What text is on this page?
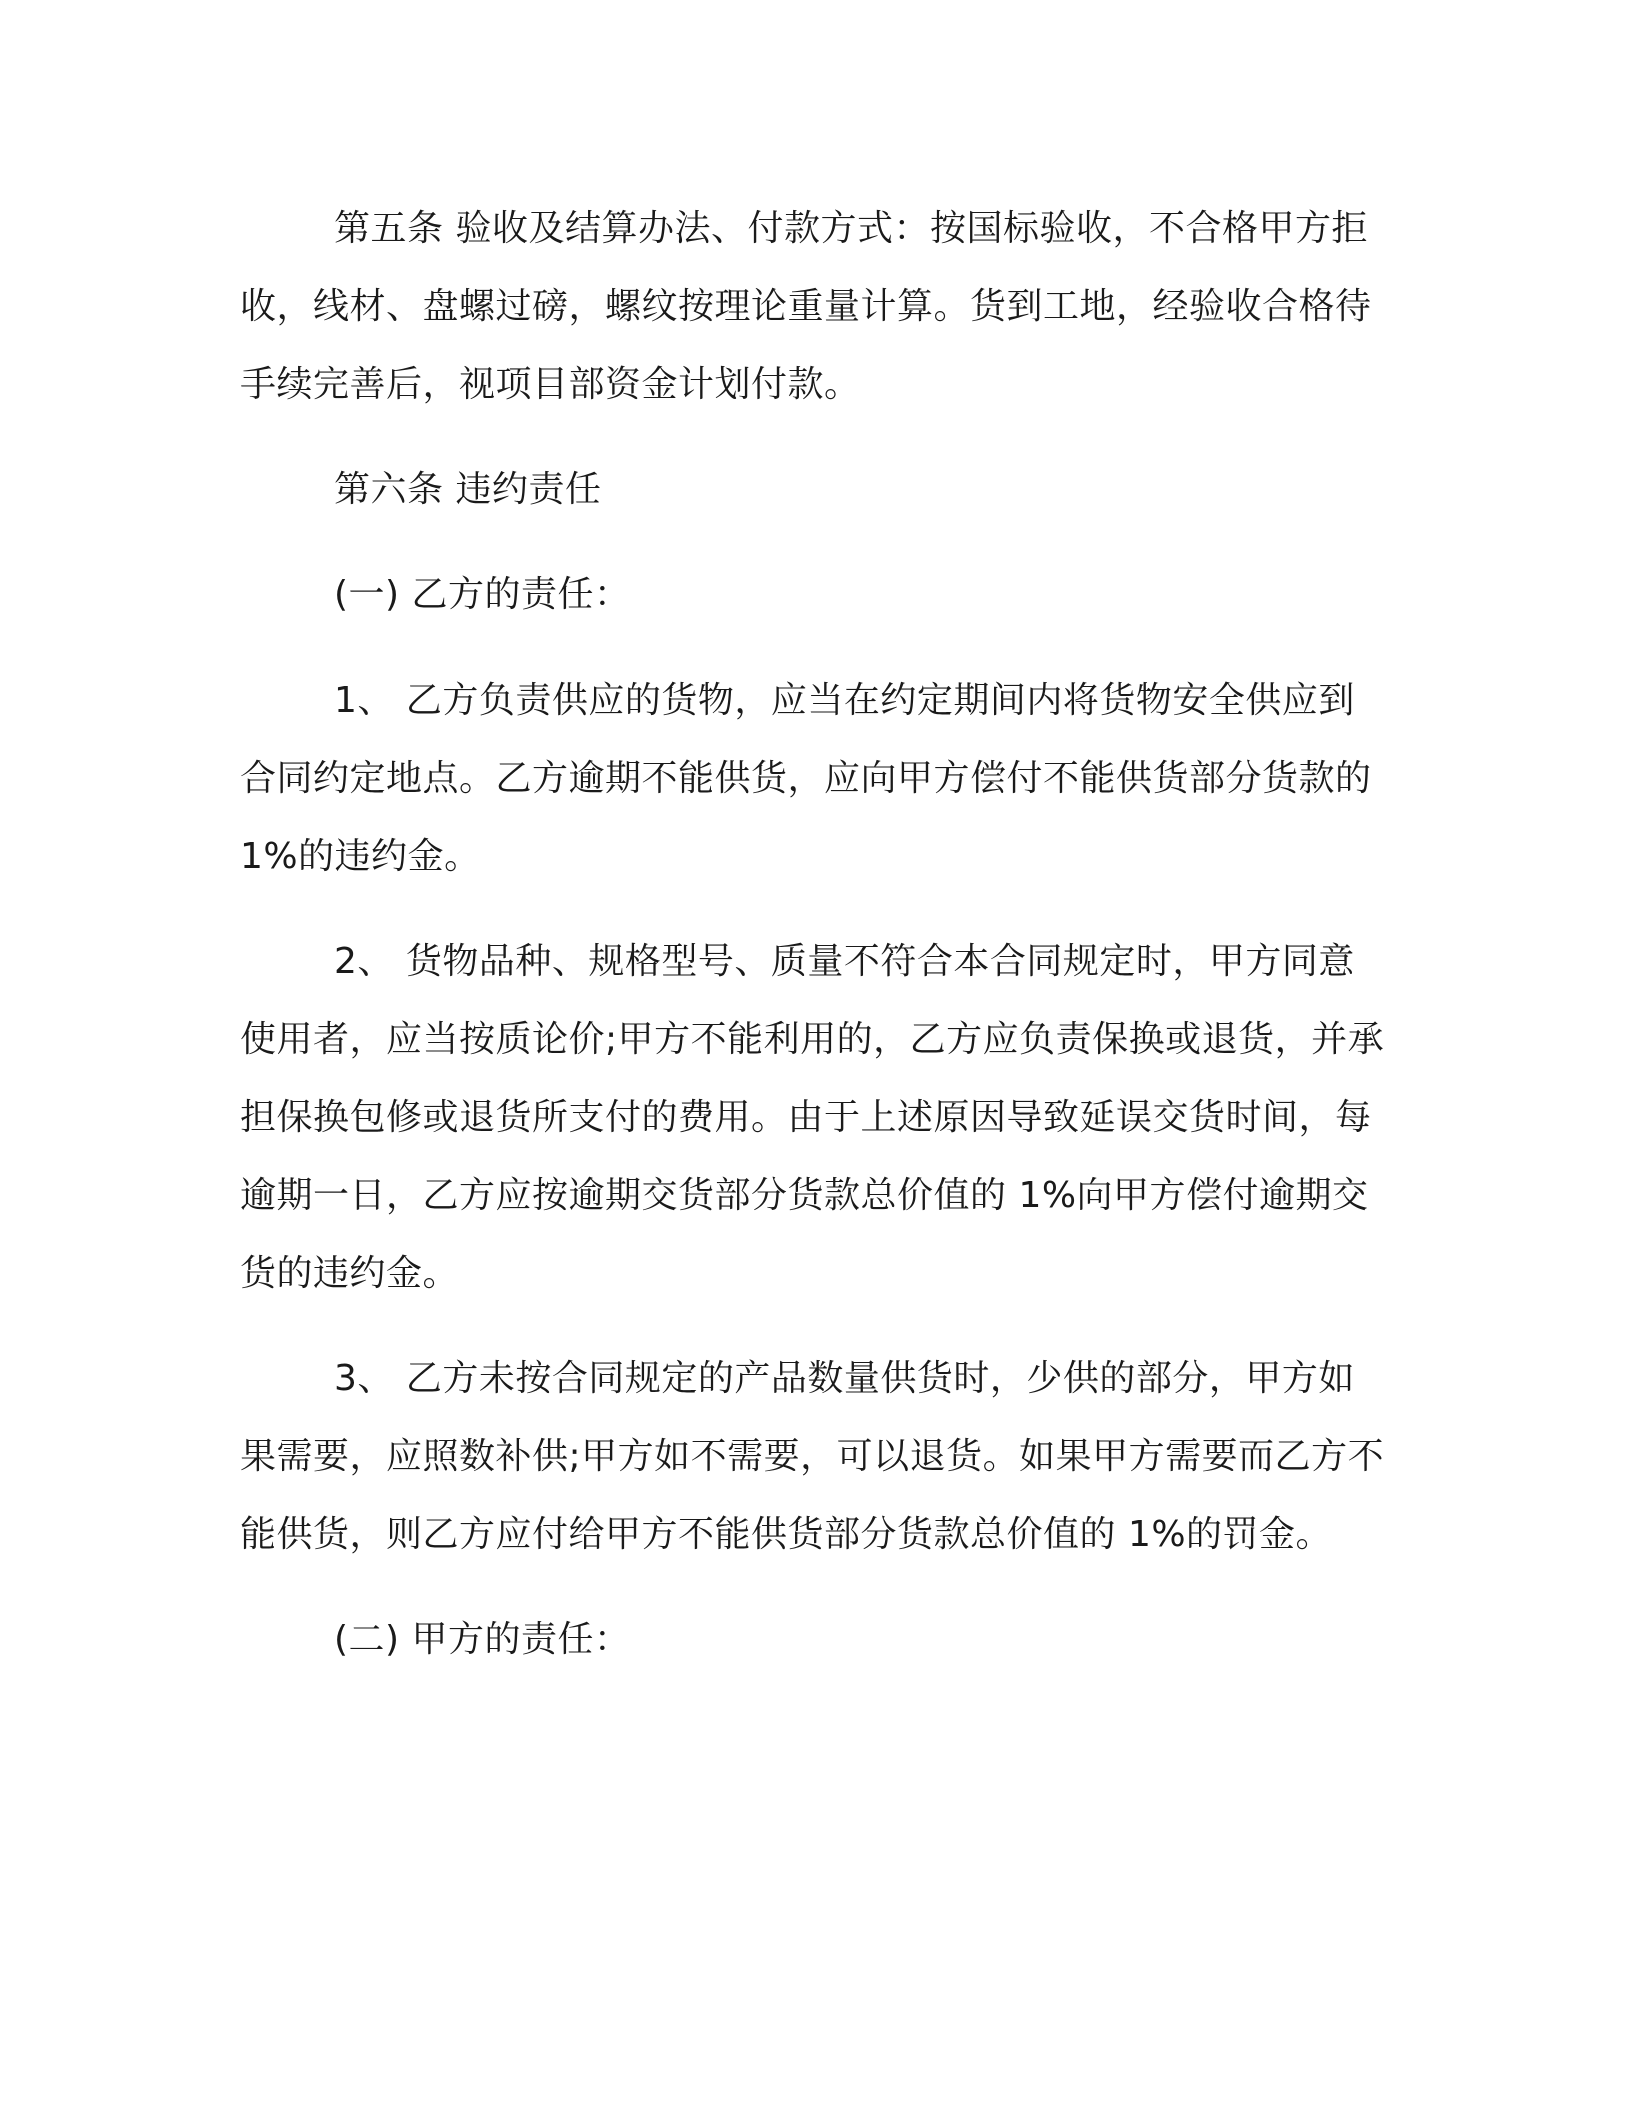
第五条 验收及结算办法、付款方式：按国标验收，不合格甲方拒收，线材、盘螺过磅，螺纹按理论重量计算。货到工地，经验收合格待手续完善后，视项目部资金计划付款。

第六条 违约责任

(一) 乙方的责任：

1、 乙方负责供应的货物，应当在约定期间内将货物安全供应到合同约定地点。乙方逾期不能供货，应向甲方偿付不能供货部分货款的 1%的违约金。

2、 货物品种、规格型号、质量不符合本合同规定时，甲方同意使用者，应当按质论价;甲方不能利用的，乙方应负责保换或退货，并承担保换包修或退货所支付的费用。由于上述原因导致延误交货时间，每逾期一日，乙方应按逾期交货部分货款总价值的 1%向甲方偿付逾期交货的违约金。

3、 乙方未按合同规定的产品数量供货时，少供的部分，甲方如果需要，应照数补供;甲方如不需要，可以退货。如果甲方需要而乙方不能供货，则乙方应付给甲方不能供货部分货款总价值的 1%的罚金。

(二) 甲方的责任：
